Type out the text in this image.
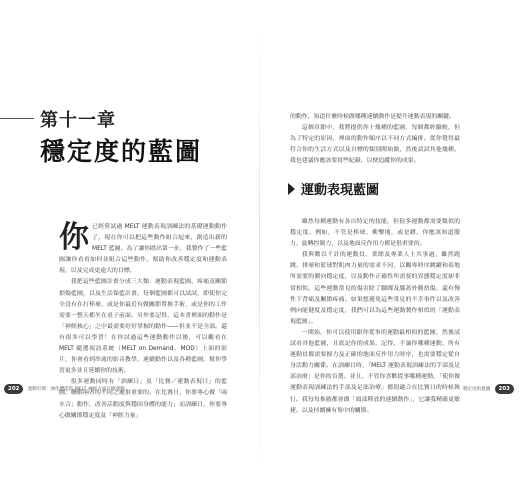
第十一章
穩定度的藍圖

你已經嘗試過 MELT 運動表現訓練法的基礎運動動作了，現在你可以把這些動作組合起來，創造出新的 MELT 藍圖。為了讓你踏出第一步，我製作了一些藍圖讓你看看如何並組合這些動作，幫助你改善穩定度和運動表現，以及完成更遠大的目標。

我把這些藍圖計畫分成三大類：運動表現藍圖、疼痛及關節損傷藍圖，以及生活保藍計畫。每個藍圖都可以試試，即使你完全沒有在打棒球，或是你最近有做關節置換手術，或是你的工作需要一整天都坐在桌子前面。另外要記得，這本書裡面的動作是「神經核心」之中最需要好好掌握的動作——但並不是全部。還有很多可以學習！在你試過這些運動動作以後，可以觀看在 MELT 隨選視訊系統（MELT on Demand，MOD）上面的影片，你會看到串流的影音教學，連續動作以及各種藍圖，幫你學習更多並且延續你的技術。

很多運動同時有「訓練日」及「比賽／運動表現日」的藍圖，聯解兩者的不同之處很重要的。在比賽日，你要專心做「兩水合」動作，改善活動度與穩固身體的能力；而訓練日，你要專心做關節穩定度及「神經力量」

202	運動有理：強化體能的 MELT 神經力量自療運動

的動作，知道什麼時候做哪種連續動作是提升運動表現的關鍵。

這個章節中，我將提供你十幾種的藍圖，每個都經驗較，但為了特定的原因，裡面的動作順序以不同方式編排。從你覺得最符合你的生活方式以及自標的類別開始做，然後試試其他幾種。我也建議你應該要寫些紀錄，以便追蹤你的成果。

運動表現藍圖

雖然每種運動有各自特定的技能，但很多運動都需要類似的穩定度、例如，不管是棒球、衝擊地，或是蹲，你應該知道腹力、旋轉控制力，以及地面反作用力都是很重要的。

我與數以千計的運動員、業餘及專業人士共事過，雖然跑跳、排球和籃球對肌肉力量的需求不同，以觀專時序跳躍和着地所需要的側向穩定度，以及動作正確性所需要的異態穩定度卻非常相似。這些運動常見的傷害除了腳踝及膝蓋外側扭傷，還有慢性下背痛及關節疼痛。如果想避免這些常見的不幸事件以及改善例向能健度及穩定度，我們可以為這些運動製作相似的「運動表現藍圖」。

一開始，你可以使用跟你從事的運動最相似的藍圖，然後試試看其他藍圖，且底記你的成果。記得，不論你哪種運動，所有運動員都需要握力及正確的地面反作用力時序，也需要穩定從自身活動力關係。在訓練日時，「MELT 運動表現訓練法的手部及足部治療」是你的首選。並且，不管你喜歡從事哪種運動，「使你做運動表現訓練法的手部及足部治療」都很適合在比賽日的時候執行。我每每推薦都會做「頭部釋放的連續動作」，它讓我精確更敏捷。以及持續擁有集中的關節。

穩定度的藍圖	203
